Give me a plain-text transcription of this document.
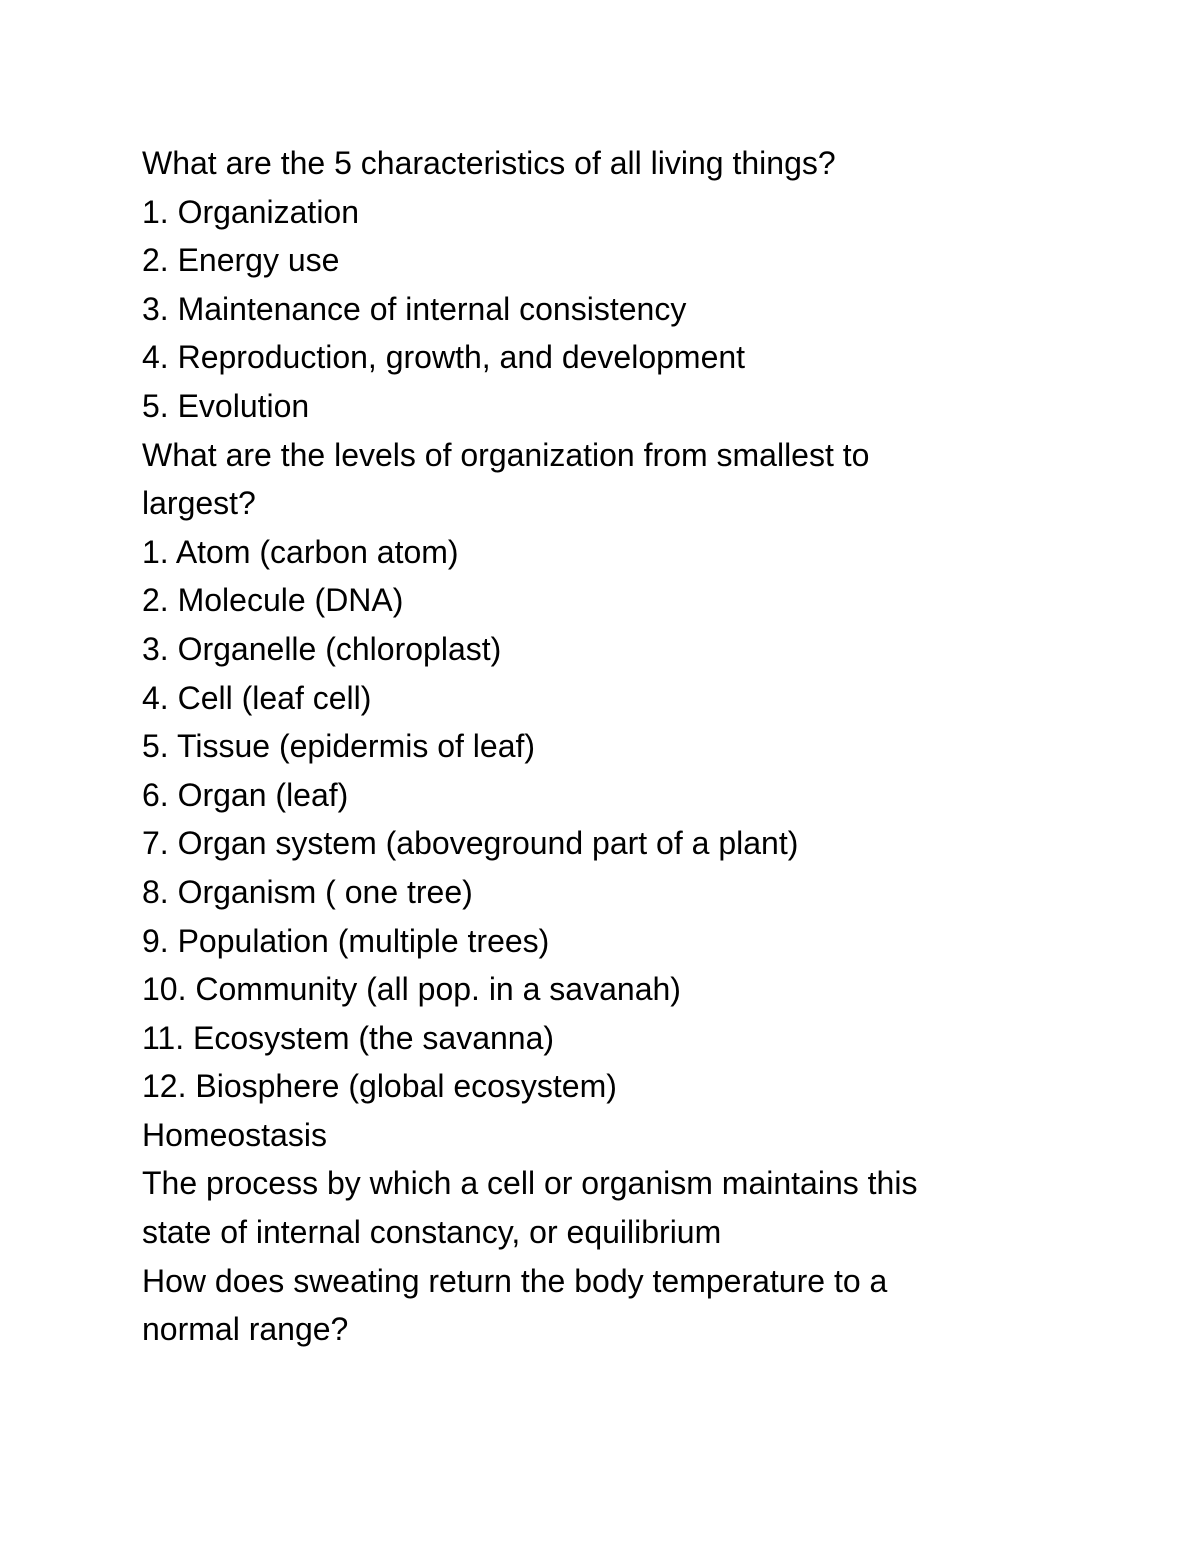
What are the 5 characteristics of all living things?

1. Organization

2. Energy use

3. Maintenance of internal consistency

4. Reproduction, growth, and development

5. Evolution

What are the levels of organization from smallest to

largest?

1. Atom (carbon atom)

2. Molecule (DNA)

3. Organelle (chloroplast)

4. Cell (leaf cell)

5. Tissue (epidermis of leaf)

6. Organ (leaf)

7. Organ system (aboveground part of a plant)

8. Organism ( one tree)

9. Population (multiple trees)

10. Community (all pop. in a savanah)

11. Ecosystem (the savanna)

12. Biosphere (global ecosystem)

Homeostasis

The process by which a cell or organism maintains this

state of internal constancy, or equilibrium

How does sweating return the body temperature to a

normal range?
